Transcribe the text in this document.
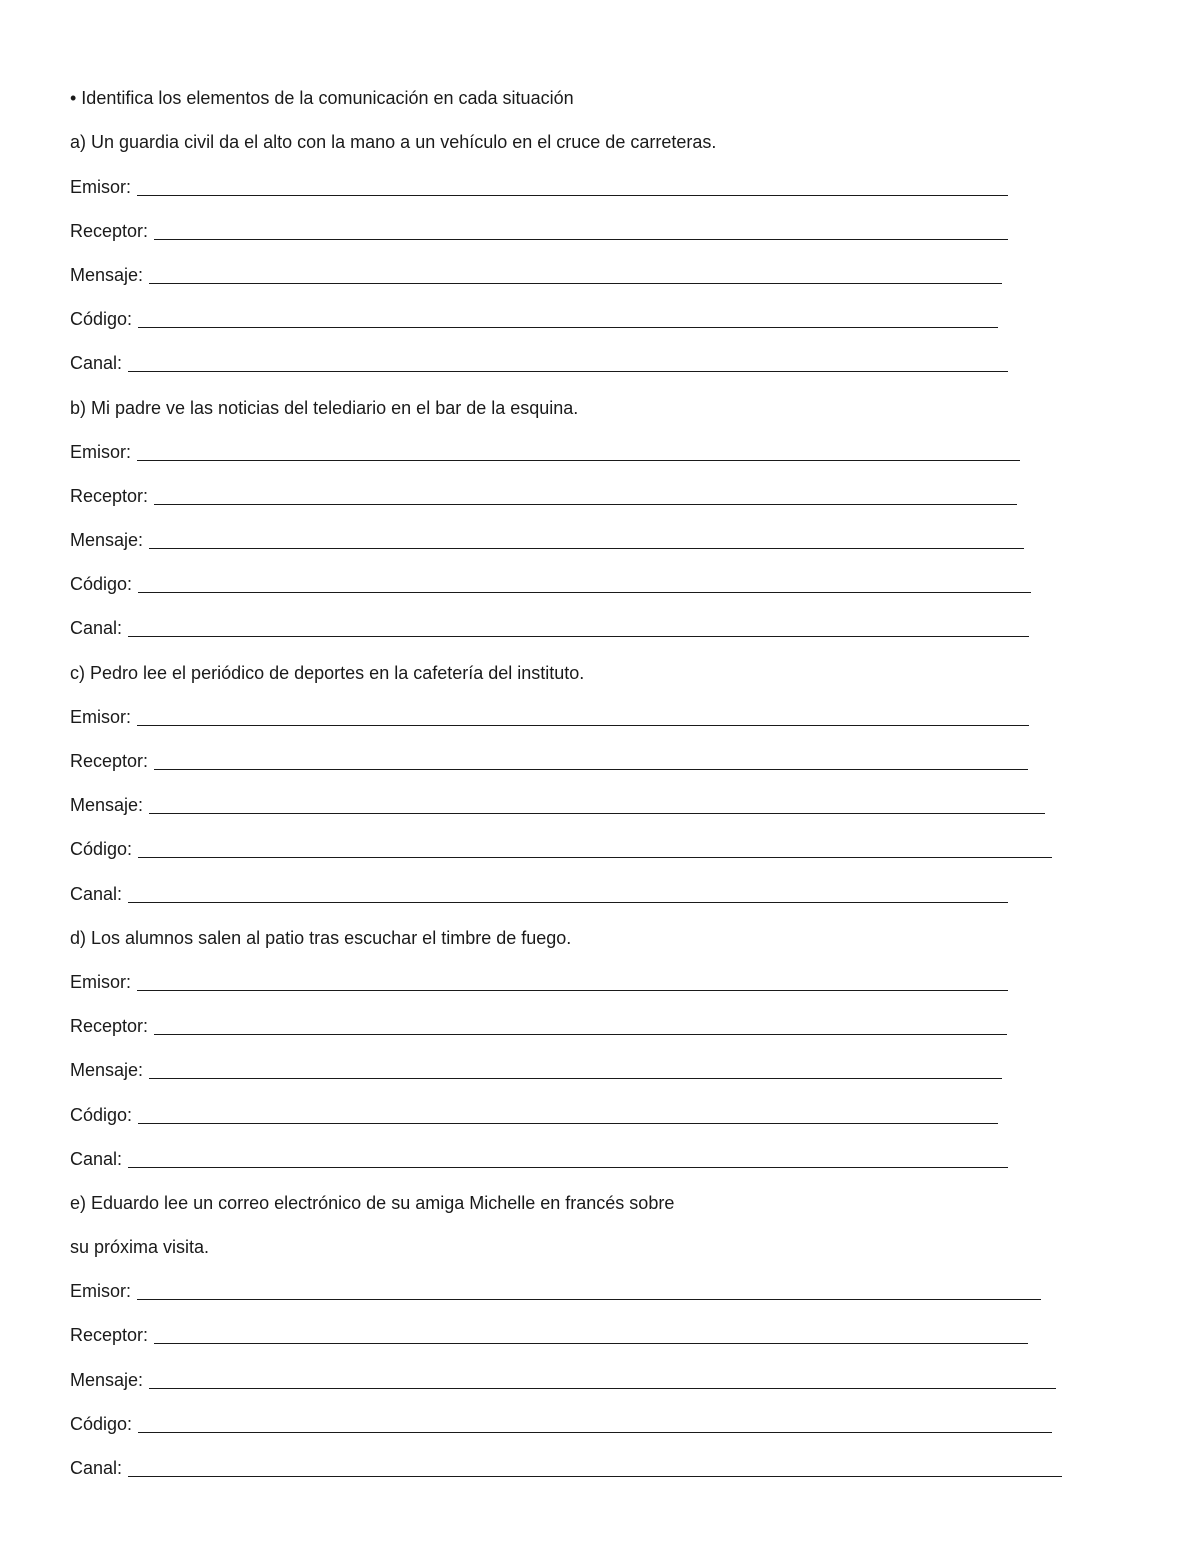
• Identifica los elementos de la comunicación en cada situación
a) Un guardia civil da el alto con la mano a un vehículo en el cruce de carreteras.
Emisor:
Receptor:
Mensaje:
Código:
Canal:
b) Mi padre ve las noticias del telediario en el bar de la esquina.
Emisor:
Receptor:
Mensaje:
Código:
Canal:
c) Pedro lee el periódico de deportes en la cafetería del instituto.
Emisor:
Receptor:
Mensaje:
Código:
Canal:
d) Los alumnos salen al patio tras escuchar el timbre de fuego.
Emisor:
Receptor:
Mensaje:
Código:
Canal:
e) Eduardo lee un correo electrónico de su amiga Michelle en francés sobre
su próxima visita.
Emisor:
Receptor:
Mensaje:
Código:
Canal:
